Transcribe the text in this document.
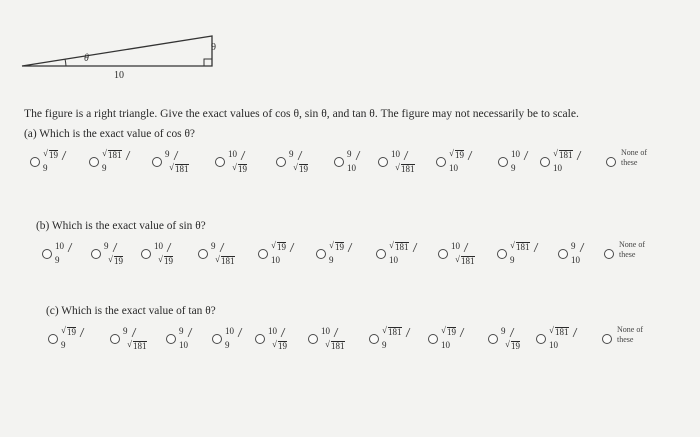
θ
9
10
The figure is a right triangle. Give the exact values of cos θ, sin θ, and tan θ. The figure may not necessarily be to scale.
(a) Which is the exact value of cos θ?
√ 19
9
√ 181
9
9
√ 181
10
√ 19
9
√ 19
9
10
10
√ 181
√ 19
10
10
9
√ 181
10
None of
these
(b) Which is the exact value of sin θ?
10
9
9
√ 19
10
√ 19
9
√ 181
√ 19
10
√ 19
9
√ 181
10
10
√ 181
√ 181
9
9
10
None of
these
(c) Which is the exact value of tan θ?
√ 19
9
9
√ 181
9
10
10
9
10
√ 19
10
√ 181
√ 181
9
√ 19
10
9
√ 19
√ 181
10
None of
these
